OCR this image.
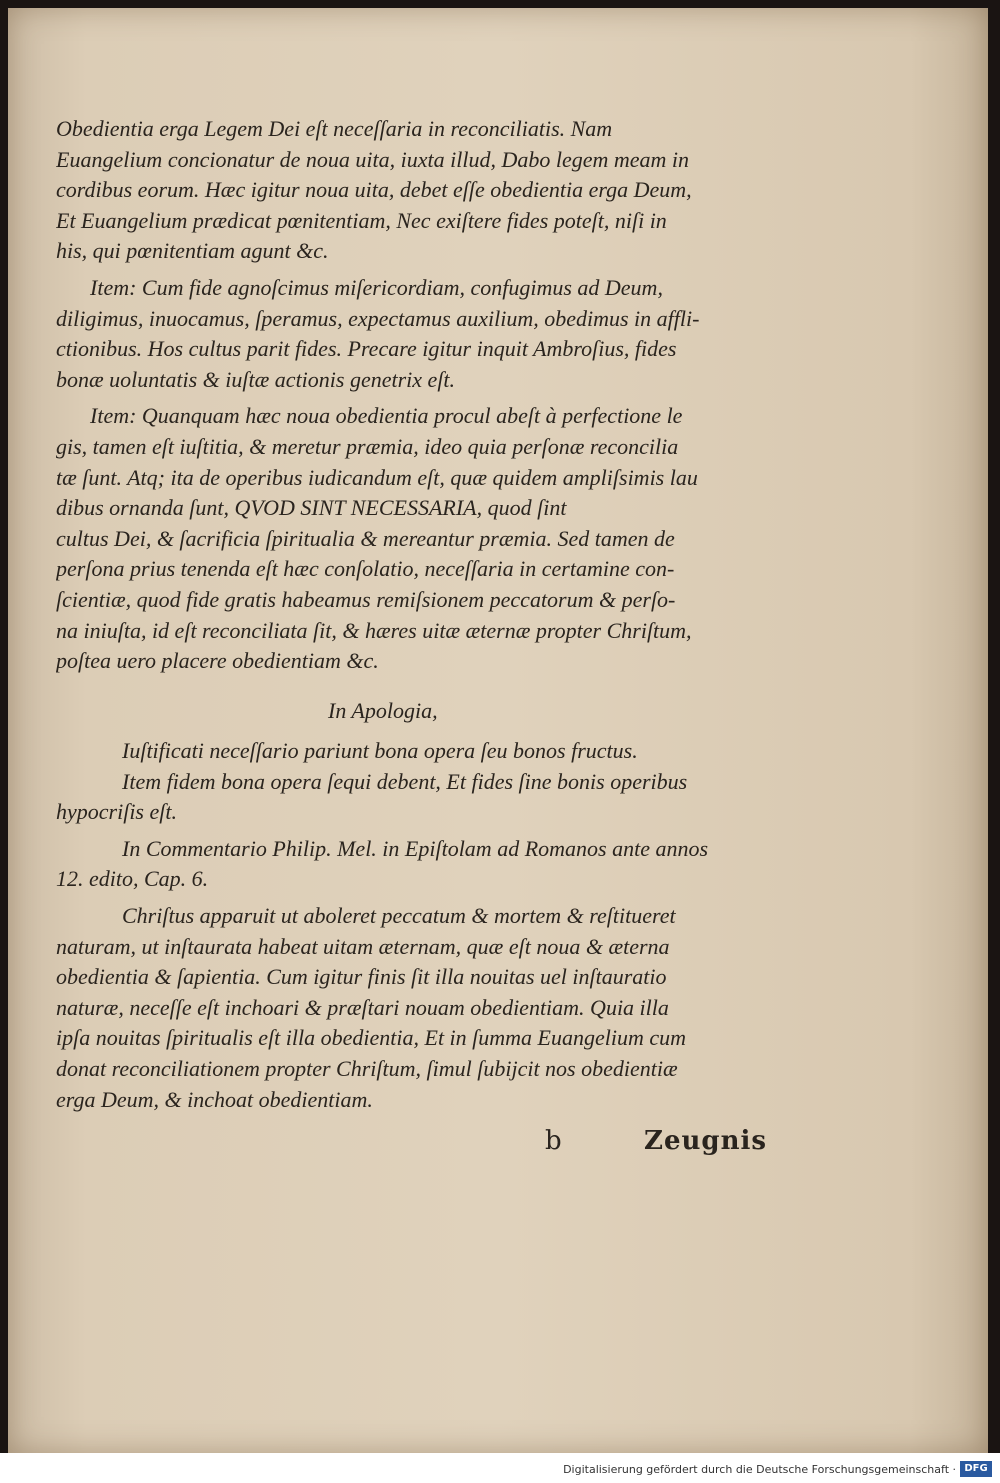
Obedientia erga Legem Dei eſt neceſſaria in reconciliatis. Nam
Euangelium concionatur de noua uita, iuxta illud, Dabo legem meam in
cordibus eorum. Hæc igitur noua uita, debet eſſe obedientia erga Deum,
Et Euangelium prædicat pœnitentiam, Nec exiſtere fides poteſt, niſi in
his, qui pœnitentiam agunt &c.
Item: Cum fide agnoſcimus miſericordiam, confugimus ad Deum,
diligimus, inuocamus, ſperamus, expectamus auxilium, obedimus in affli-
ctionibus. Hos cultus parit fides. Precare igitur inquit Ambroſius, fides
bonæ uoluntatis & iuſtæ actionis genetrix eſt.
Item: Quanquam hæc noua obedientia procul abeſt à perfectione le
gis, tamen eſt iuſtitia, & meretur præmia, ideo quia perſonæ reconcilia
tæ ſunt. Atq; ita de operibus iudicandum eſt, quæ quidem ampliſsimis lau
dibus ornanda ſunt, QVOD SINT NECESSARIA, quod ſint
cultus Dei, & ſacrificia ſpiritualia & mereantur præmia. Sed tamen de
perſona prius tenenda eſt hæc conſolatio, neceſſaria in certamine con-
ſcientiæ, quod fide gratis habeamus remiſsionem peccatorum & perſo-
na iniuſta, id eſt reconciliata ſit, & hæres uitæ æternæ propter Chriſtum,
poſtea uero placere obedientiam &c.
In Apologia,
Iuſtificati neceſſario pariunt bona opera ſeu bonos fructus.
Item fidem bona opera ſequi debent, Et fides ſine bonis operibus
hypocriſis eſt.
In Commentario Philip. Mel. in Epiſtolam ad Romanos ante annos
12. edito, Cap. 6.
Chriſtus apparuit ut aboleret peccatum & mortem & reſtitueret
naturam, ut inſtaurata habeat uitam æternam, quæ eſt noua & æterna
obedientia & ſapientia. Cum igitur finis ſit illa nouitas uel inſtauratio
naturæ, neceſſe eſt inchoari & præſtari nouam obedientiam. Quia illa
ipſa nouitas ſpiritualis eſt illa obedientia, Et in ſumma Euangelium cum
donat reconciliationem propter Chriſtum, ſimul ſubijcit nos obedientiæ
erga Deum, & inchoat obedientiam.
b	Zeugnis
Digitalisierung gefördert durch die Deutsche Forschungsgemeinschaft · DFG
